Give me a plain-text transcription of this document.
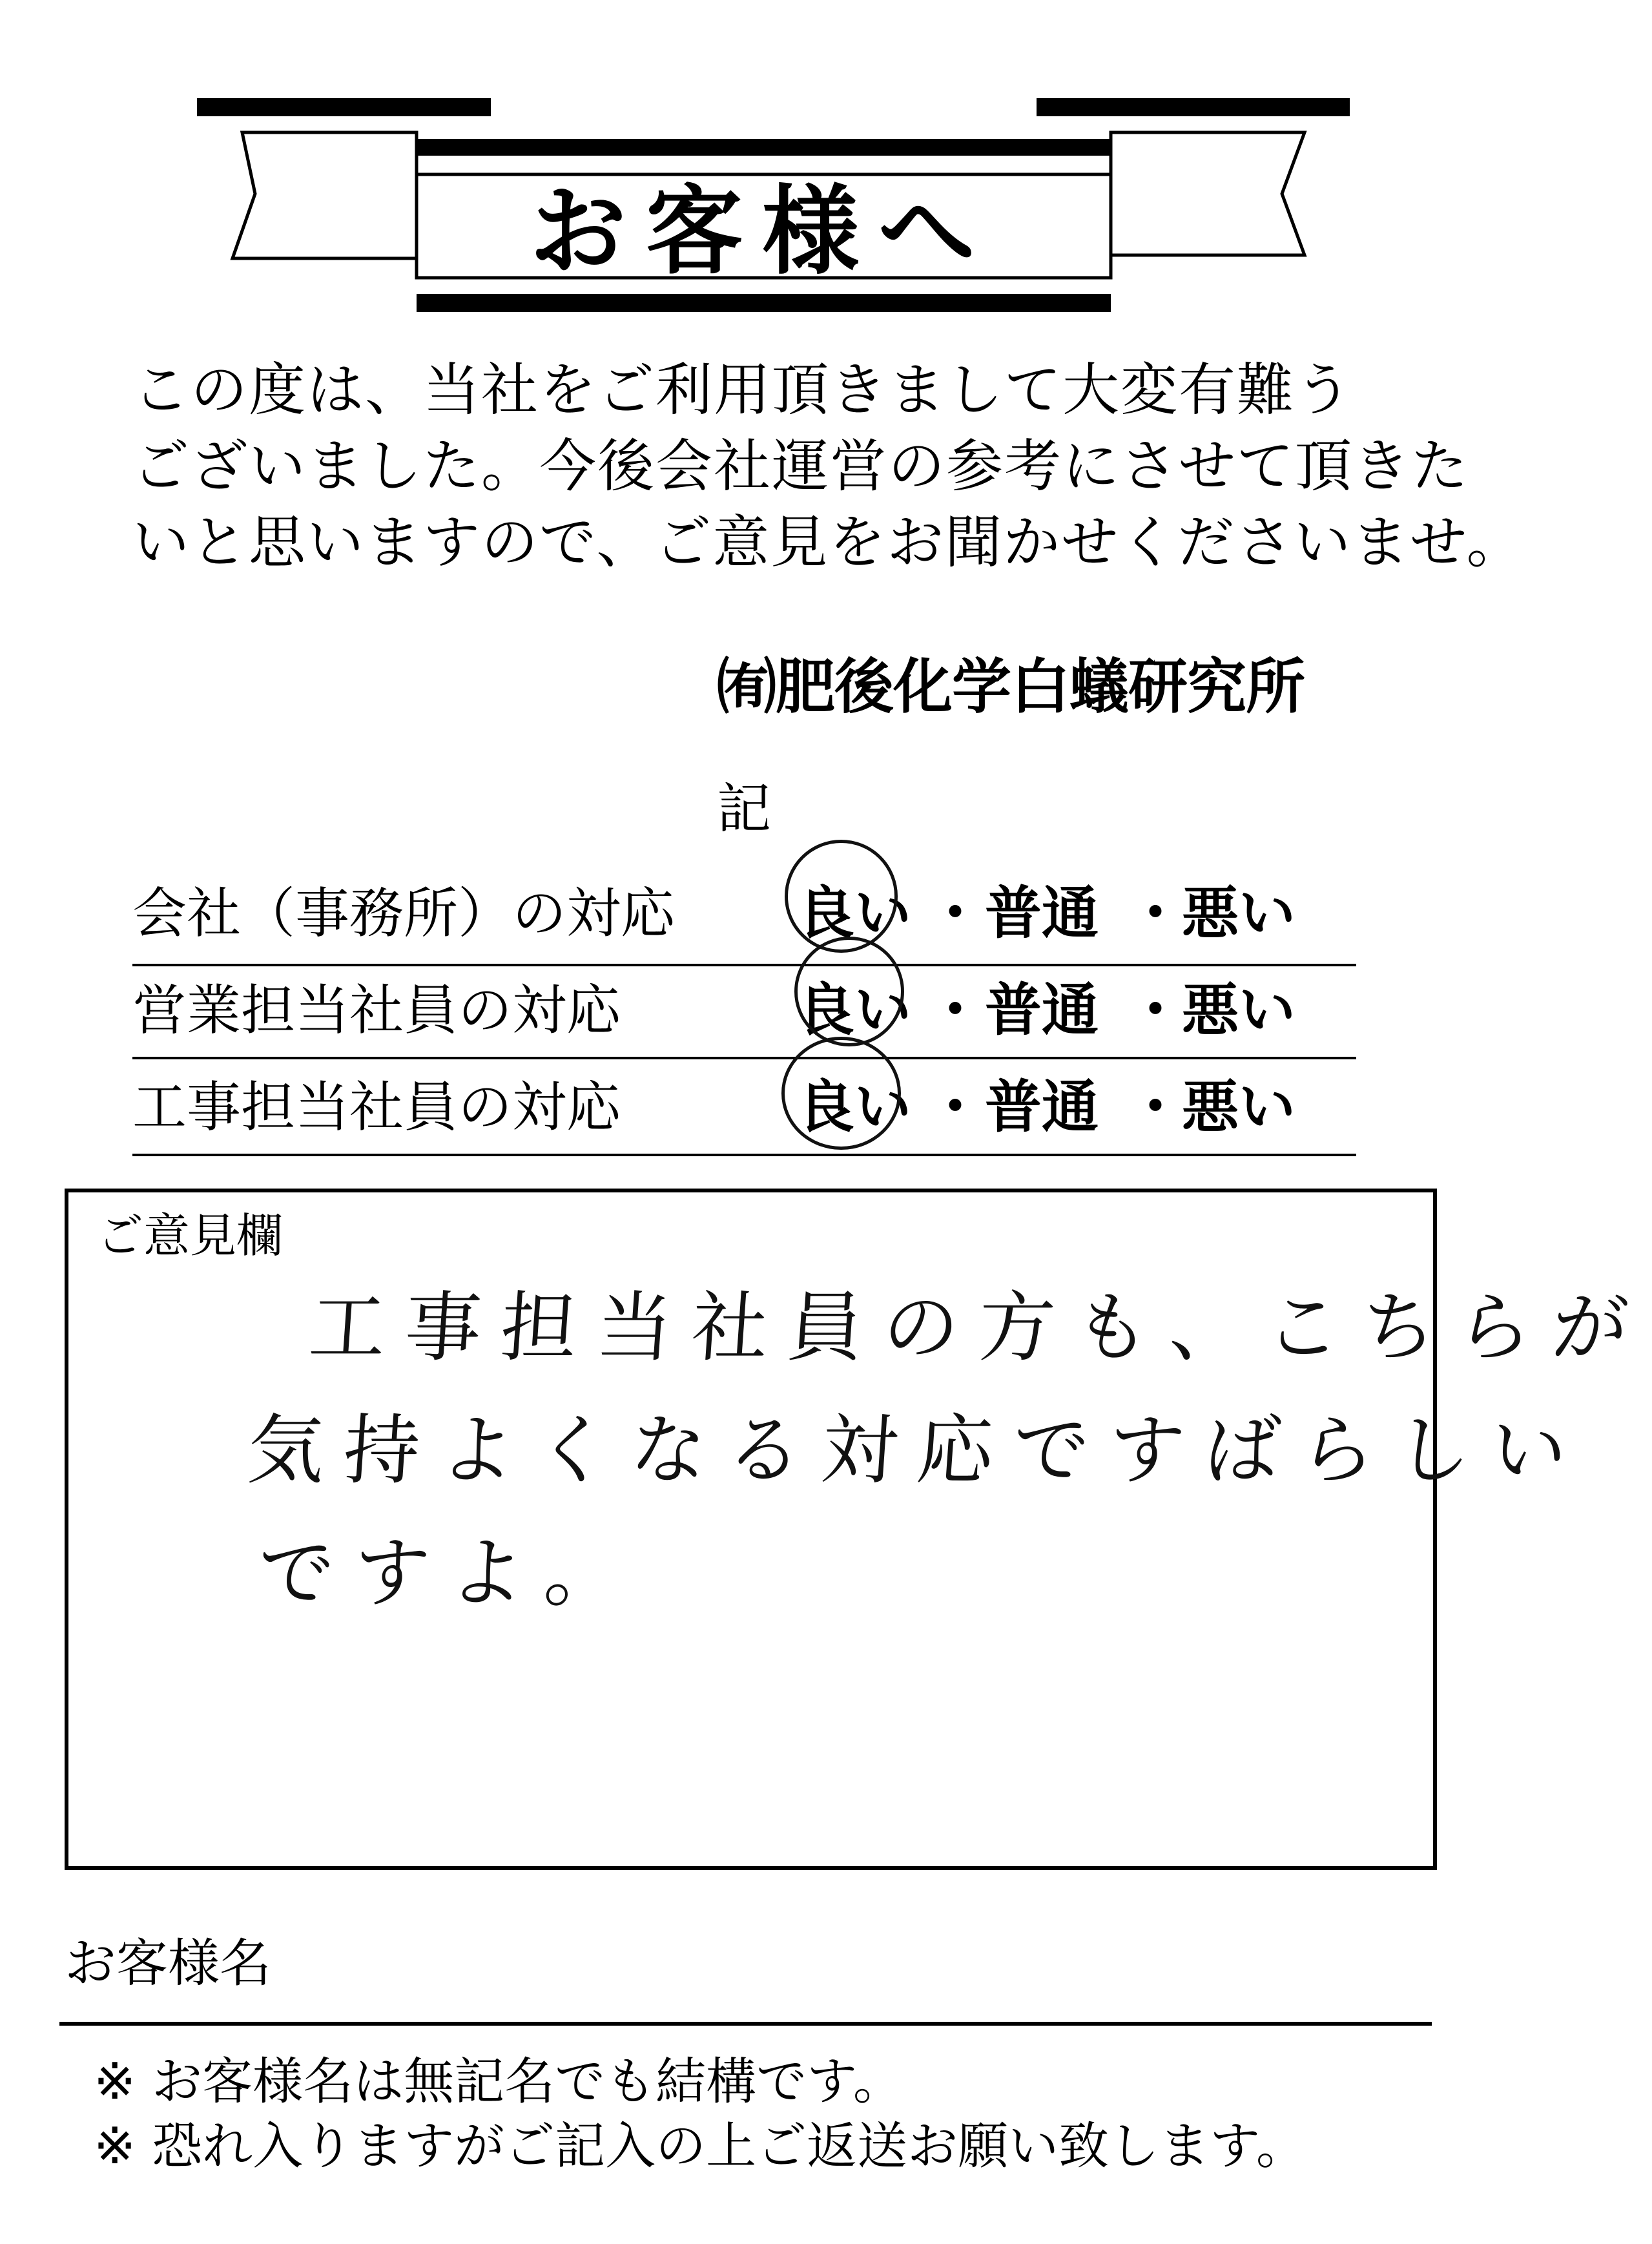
お客様へ
この度は、当社をご利用頂きまして大変有難う
ございました。今後会社運営の参考にさせて頂きた
いと思いますので、ご意見をお聞かせくださいませ。
㈲肥後化学白蟻研究所
記
会社（事務所）の対応 良い ・ 普通 ・
悪い
営業担当社員の対応	良い ・ 普通 ・
悪い
工事担当社員の対応	良い ・ 普通 ・
悪い
ご意見欄
工事担当社員の方も、こちらが
気持よくなる対応ですばらしい
ですよ。
お客様名
※ お客様名は無記名でも結構です。
※ 恐れ入りますがご記入の上ご返送お願い致します。
